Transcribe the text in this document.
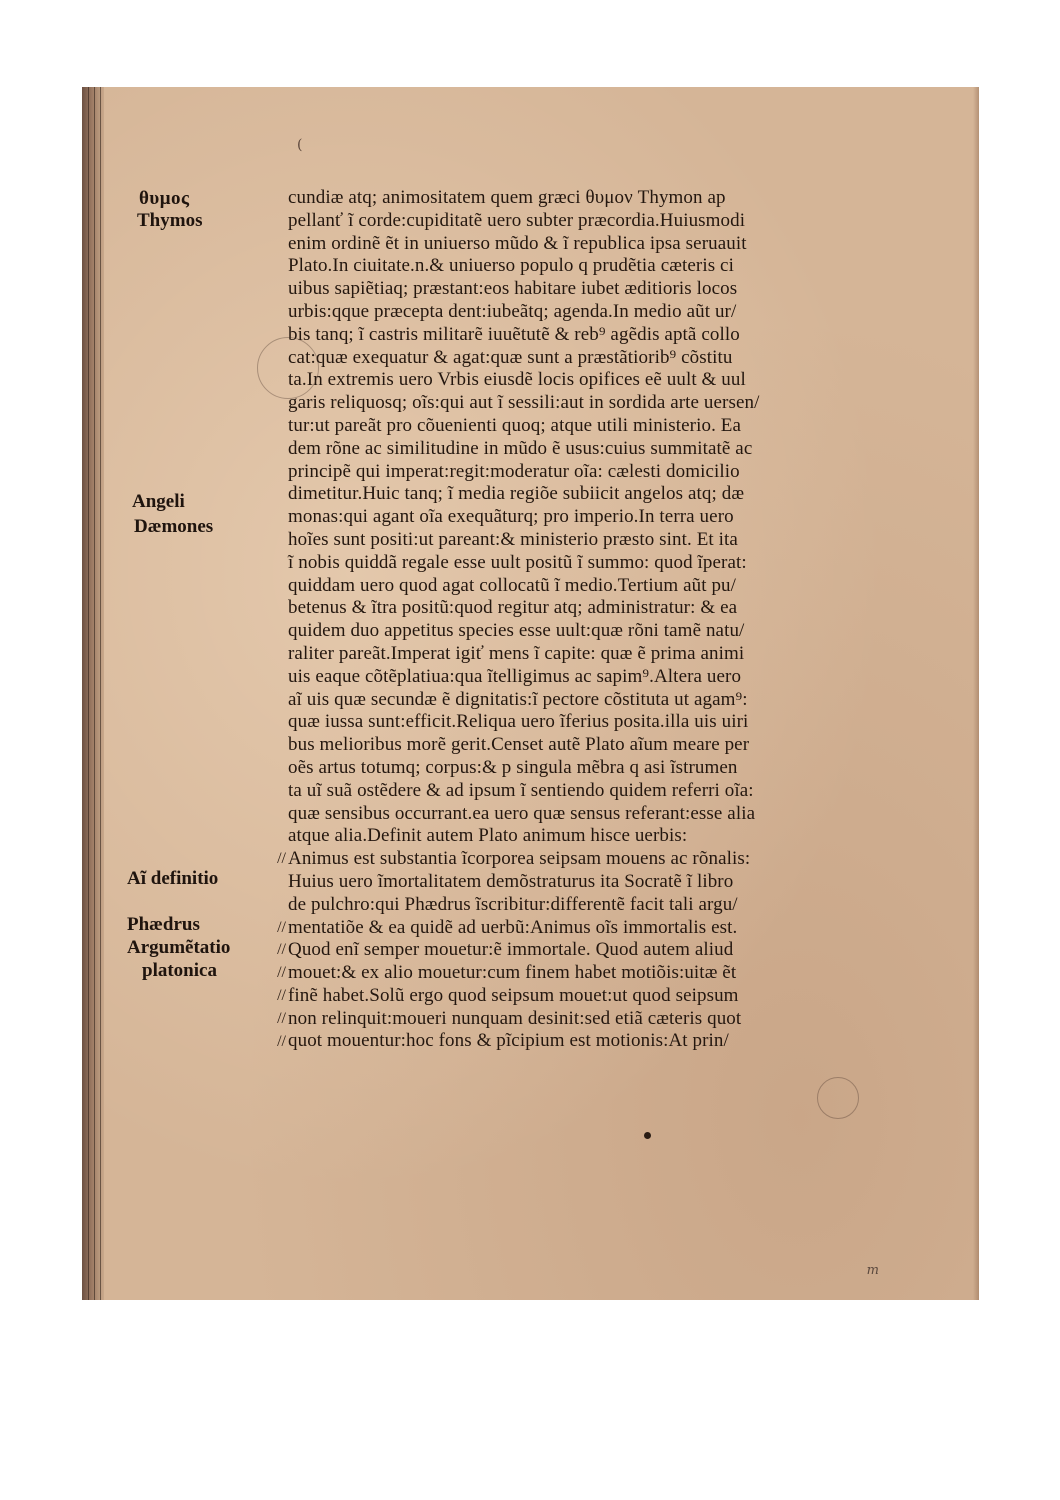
(
θυμος
Thymos
Angeli
Dæmones
Aĩ definitio
Phædrus
Argumẽtatio
platonica
//
//
//
//
//
//
//
cundiæ atq; animositatem quem græci θυμον Thymon ap
pellanť ĩ corde:cupiditatẽ uero subter præcordia.Huiusmodi
enim ordinẽ ẽt in uniuerso mũdo & ĩ republica ipsa seruauit
Plato.In ciuitate.n.& uniuerso populo q prudẽtia cæteris ci
uibus sapiẽtiaq; præstant:eos habitare iubet æditioris locos
urbis:qque præcepta dent:iubeãtq; agenda.In medio aũt ur/
bis tanq; ĩ castris militarẽ iuuẽtutẽ & reb⁹ agẽdis aptã collo
cat:quæ exequatur & agat:quæ sunt a præstãtiorib⁹ cõstitu
ta.In extremis uero Vrbis eiusdẽ locis opifices eẽ uult & uul
garis reliquosq; oĩs:qui aut ĩ sessili:aut in sordida arte uersen/
tur:ut pareãt pro cõuenienti quoq; atque utili ministerio. Ea
dem rõne ac similitudine in mũdo ẽ usus:cuius summitatẽ ac
principẽ qui imperat:regit:moderatur oĩa: cælesti domicilio
dimetitur.Huic tanq; ĩ media regiõe subiicit angelos atq; dæ
monas:qui agant oĩa exequãturq; pro imperio.In terra uero
hoĩes sunt positi:ut pareant:& ministerio præsto sint. Et ita
ĩ nobis quiddã regale esse uult positũ ĩ summo: quod ĩperat:
quiddam uero quod agat collocatũ ĩ medio.Tertium aũt pu/
betenus & ĩtra positũ:quod regitur atq; administratur: & ea
quidem duo appetitus species esse uult:quæ rõni tamẽ natu/
raliter pareãt.Imperat igiť mens ĩ capite: quæ ẽ prima animi
uis eaque cõtẽplatiua:qua ĩtelligimus ac sapim⁹.Altera uero
aĩ uis quæ secundæ ẽ dignitatis:ĩ pectore cõstituta ut agam⁹:
quæ iussa sunt:efficit.Reliqua uero ĩferius posita.illa uis uiri
bus melioribus morẽ gerit.Censet autẽ Plato aĩum meare per
oẽs artus totumq; corpus:& p singula mẽbra q asi ĩstrumen
ta uĩ suã ostẽdere & ad ipsum ĩ sentiendo quidem referri oĩa:
quæ sensibus occurrant.ea uero quæ sensus referant:esse alia
atque alia.Definit autem Plato animum hisce uerbis:
Animus est substantia ĩcorporea seipsam mouens ac rõnalis:
Huius uero ĩmortalitatem demõstraturus ita Socratẽ ĩ libro
de pulchro:qui Phædrus ĩscribitur:differentẽ facit tali argu/
mentatiõe & ea quidẽ ad uerbũ:Animus oĩs immortalis est.
Quod enĩ semper mouetur:ẽ immortale. Quod autem aliud
mouet:& ex alio mouetur:cum finem habet motiõis:uitæ ẽt
finẽ habet.Solũ ergo quod seipsum mouet:ut quod seipsum
non relinquit:moueri nunquam desinit:sed etiã cæteris quot
quot mouentur:hoc fons & pĩcipium est motionis:At prin/
m
